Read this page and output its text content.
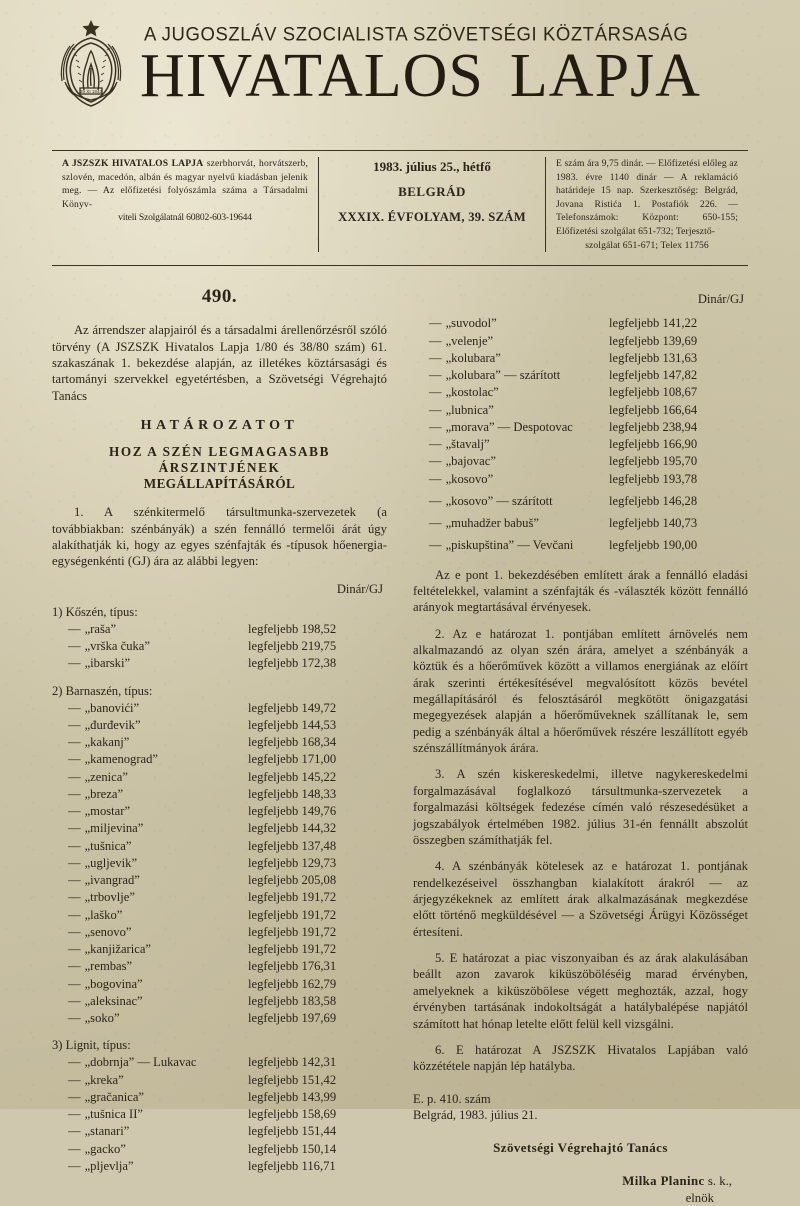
29 XI 1943
A JUGOSZLÁV SZOCIALISTA SZÖVETSÉGI KÖZTÁRSASÁG
HIVATALOS LAPJA
A JSZSZK HIVATALOS LAPJA szerbhorvát, horvátszerb, szlovén, macedón, albán és magyar nyelvű kiadásban jelenik meg. — Az előfizetési folyószámla száma a Társadalmi Könyv-
viteli Szolgálatnál 60802-603-19644
1983. július 25., hétfő
BELGRÁD
XXXIX. ÉVFOLYAM, 39. SZÁM
E szám ára 9,75 dinár. — Előfizetési előleg az 1983. évre 1140 dinár — A reklamáció határideje 15 nap. Szerkesztőség: Belgrád, Jovana Ristića 1. Postafiók 226. — Telefonszámok: Központ: 650-155; Előfizetési szolgálat 651-732; Terjesztő-
szolgálat 651-671; Telex 11756
490.

Az árrendszer alapjairól és a társadalmi árellenőrzésről szóló törvény (A JSZSZK Hivatalos Lapja 1/80 és 38/80 szám) 61. szakaszának 1. bekezdése alapján, az illetékes köztársasági és tartományi szervekkel egyetértésben, a Szövetségi Végrehajtó Tanács

HATÁROZATOT
HOZ A SZÉN LEGMAGASABB ÁRSZINTJÉNEK
MEGÁLLAPÍTÁSÁRÓL

1. A szénkitermelő társultmunka-szervezetek (a továbbiakban: szénbányák) a szén fennálló termelői árát úgy alakíthatják ki, hogy az egyes szénfajták és -típusok hőenergia-egységenkénti (GJ) ára az alábbi legyen:

Dinár/GJ
1) Kőszén, típus:
— „raša”	legfeljebb 198,52
— „vrška čuka”	legfeljebb 219,75
— „ibarski”	legfeljebb 172,38
2) Barnaszén, típus:
— „banovići”	legfeljebb 149,72
— „đurđevik”	legfeljebb 144,53
— „kakanj”	legfeljebb 168,34
— „kamenograd”	legfeljebb 171,00
— „zenica”	legfeljebb 145,22
— „breza”	legfeljebb 148,33
— „mostar”	legfeljebb 149,76
— „miljevina”	legfeljebb 144,32
— „tušnica”	legfeljebb 137,48
— „ugljevik”	legfeljebb 129,73
— „ivangrad”	legfeljebb 205,08
— „trbovlje”	legfeljebb 191,72
— „laško”	legfeljebb 191,72
— „senovo”	legfeljebb 191,72
— „kanjižarica”	legfeljebb 191,72
— „rembas”	legfeljebb 176,31
— „bogovina”	legfeljebb 162,79
— „aleksinac”	legfeljebb 183,58
— „soko”	legfeljebb 197,69
3) Lignit, típus:
— „dobrnja” — Lukavac	legfeljebb 142,31
— „kreka”	legfeljebb 151,42
— „gračanica”	legfeljebb 143,99
— „tušnica II”	legfeljebb 158,69
— „stanari”	legfeljebb 151,44
— „gacko”	legfeljebb 150,14
— „pljevlja”	legfeljebb 116,71
Dinár/GJ
— „suvodol”	legfeljebb 141,22
— „velenje”	legfeljebb 139,69
— „kolubara”	legfeljebb 131,63
— „kolubara” — szárított	legfeljebb 147,82
— „kostolac”	legfeljebb 108,67
— „lubnica”	legfeljebb 166,64
— „morava” — Despotovac	legfeljebb 238,94
— „štavalj”	legfeljebb 166,90
— „bajovac”	legfeljebb 195,70
— „kosovo”	legfeljebb 193,78
— „kosovo” — szárított	legfeljebb 146,28
— „muhadžer babuš”	legfeljebb 140,73
— „piskupština” — Vevčani	legfeljebb 190,00

Az e pont 1. bekezdésében említett árak a fennálló eladási feltételekkel, valamint a szénfajták és -választék között fennálló arányok megtartásával érvényesek.

2. Az e határozat 1. pontjában említett árnövelés nem alkalmazandó az olyan szén árára, amelyet a szénbányák a köztük és a hőerőművek között a villamos energiának az előírt árak szerinti értékesítésével megvalósított közös bevétel megállapításáról és felosztásáról megkötött önigazgatási megegyezések alapján a hőerőműveknek szállítanak le, sem pedig a szénbányák által a hőerőművek részére leszállított egyéb szénszállítmányok árára.

3. A szén kiskereskedelmi, illetve nagykereskedelmi forgalmazásával foglalkozó társultmunka-szervezetek a forgalmazási költségek fedezése címén való részesedésüket a jogszabályok értelmében 1982. július 31-én fennállt abszolút összegben számíthatják fel.

4. A szénbányák kötelesek az e határozat 1. pontjának rendelkezéseivel összhangban kialakított árakról — az árjegyzékeknek az említett árak alkalmazásának megkezdése előtt történő megküldésével — a Szövetségi Árügyi Közösséget értesíteni.

5. E határozat a piac viszonyaiban és az árak alakulásában beállt azon zavarok kiküszöböléséig marad érvényben, amelyeknek a kiküszöbölese végett meghozták, azzal, hogy érvényben tartásának indokoltságát a hatálybalépése napjától számított hat hónap letelte előtt felül kell vizsgálni.

6. E határozat A JSZSZK Hivatalos Lapjában való közzététele napján lép hatályba.

E. p. 410. szám
Belgrád, 1983. július 21.
Szövetségi Végrehajtó Tanács
Milka Planinc s. k.,
elnök
